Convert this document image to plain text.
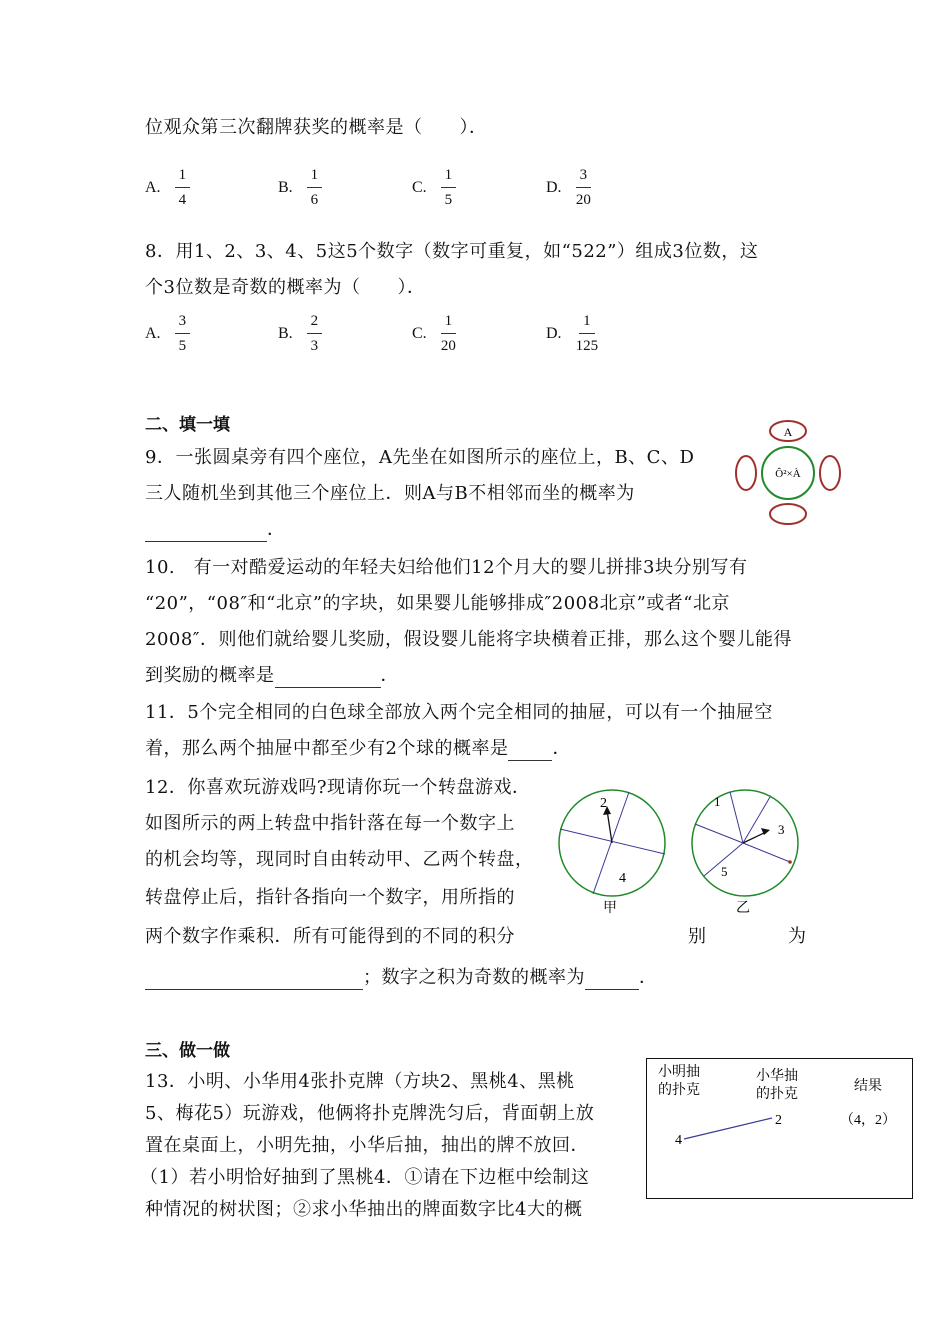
位观众第三次翻牌获奖的概率是（　　）．
A. $\frac{1}{4}$	B. $\frac{1}{6}$	C. $\frac{1}{5}$	D. $\frac{3}{20}$
8．用1、2、3、4、5这5个数字（数字可重复，如“522”）组成3位数，这
个3位数是奇数的概率为（　　）．
A. $\frac{3}{5}$	B. $\frac{2}{3}$	C. $\frac{1}{20}$	D. $\frac{1}{125}$
二、填一填
9．一张圆桌旁有四个座位，A先坐在如图所示的座位上，B、C、D
三人随机坐到其他三个座位上．则A与B不相邻而坐的概率为
．
A
Ô²×À
10.　有一对酷爱运动的年轻夫妇给他们12个月大的婴儿拼排3块分别写有
“20”，“08″和“北京”的字块，如果婴儿能够排成″2008北京”或者“北京
2008″．则他们就给婴儿奖励，假设婴儿能将字块横着正排，那么这个婴儿能得
到奖励的概率是	．
11．5个完全相同的白色球全部放入两个完全相同的抽屉，可以有一个抽屉空
着，那么两个抽屉中都至少有2个球的概率是 ．
12．你喜欢玩游戏吗?现请你玩一个转盘游戏．
如图所示的两上转盘中指针落在每一个数字上
的机会均等，现同时自由转动甲、乙两个转盘，
转盘停止后，指针各指向一个数字，用所指的
两个数字作乘积．所有可能得到的不同的积分	别	为
；数字之积为奇数的概率为	．
2
4
甲
1
3
5
乙
三、做一做
13．小明、小华用4张扑克牌（方块2、黑桃4、黑桃
5、梅花5）玩游戏，他俩将扑克牌洗匀后，背面朝上放
置在桌面上，小明先抽，小华后抽，抽出的牌不放回．
（1）若小明恰好抽到了黑桃4．①请在下边框中绘制这
种情况的树状图；②求小华抽出的牌面数字比4大的概
小明抽
的扑克
小华抽
的扑克
结果
4
2	（4，2）
